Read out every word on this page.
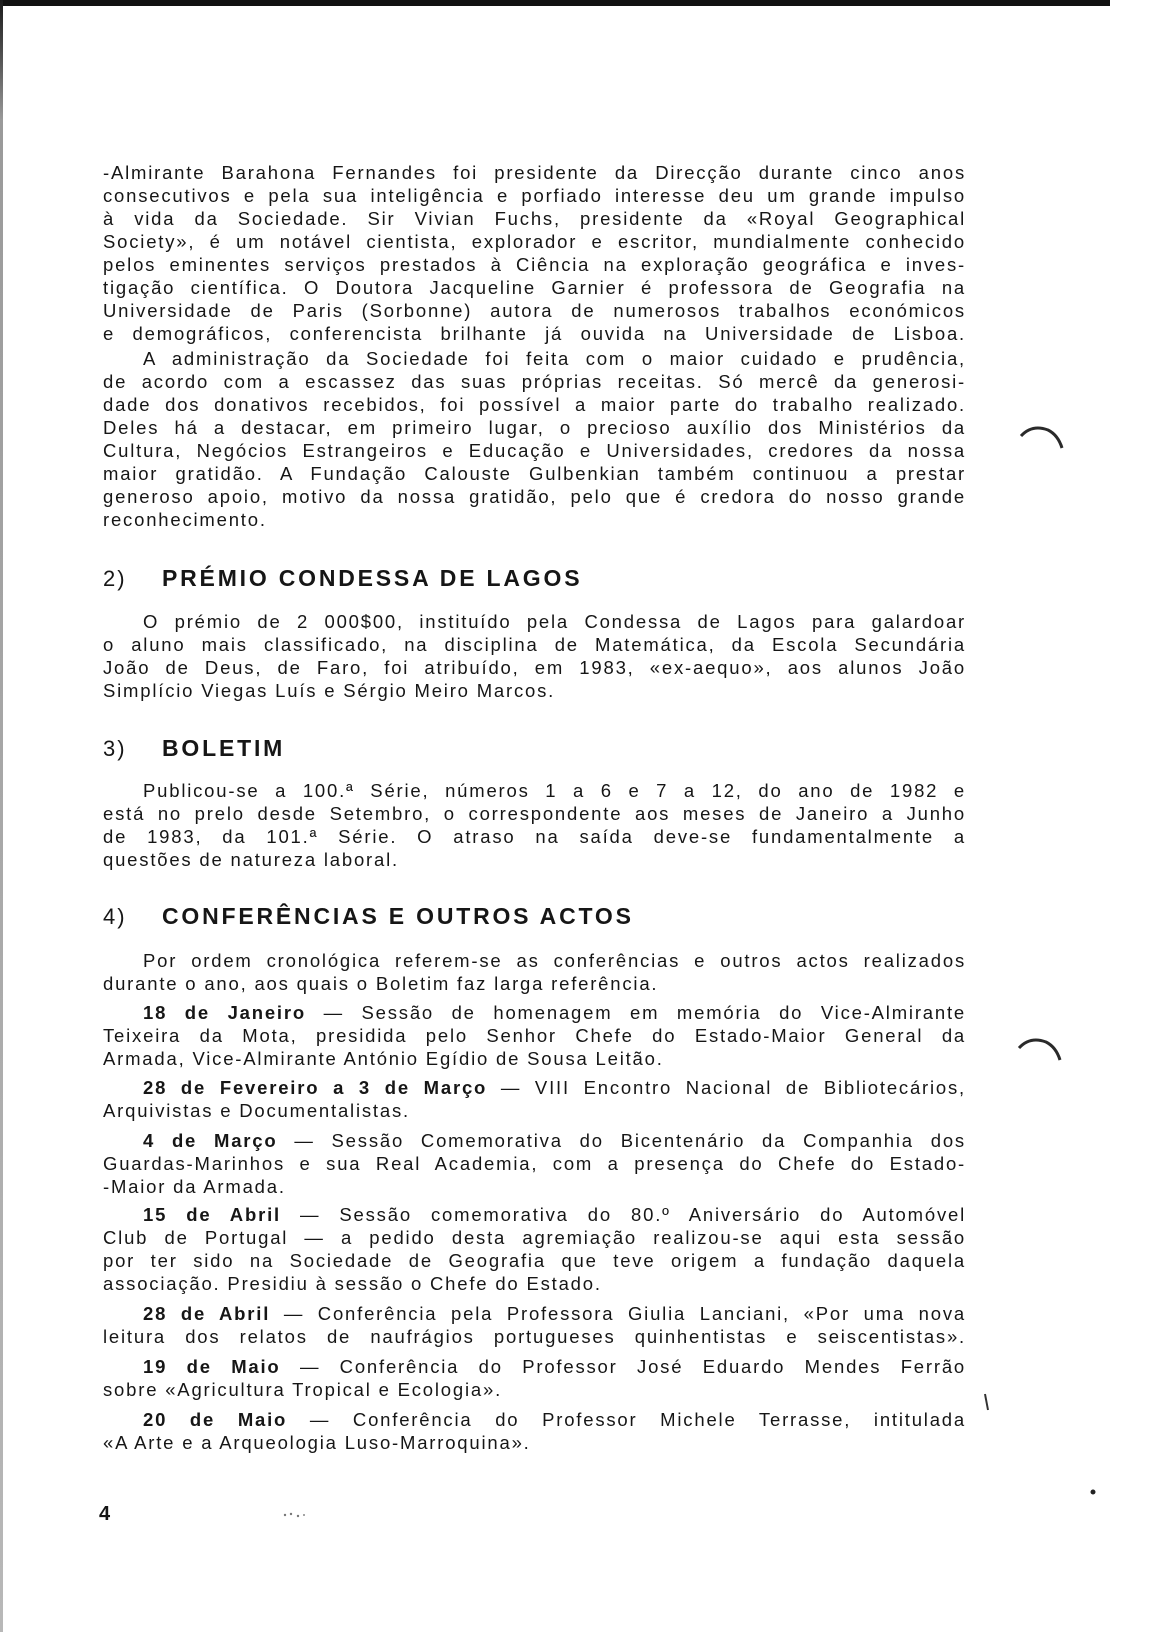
-Almirante Barahona Fernandes foi presidente da Direcção durante cinco anos
consecutivos e pela sua inteligência e porfiado interesse deu um grande impulso
à vida da Sociedade. Sir Vivian Fuchs, presidente da «Royal Geographical
Society», é um notável cientista, explorador e escritor, mundialmente conhecido
pelos eminentes serviços prestados à Ciência na exploração geográfica e inves-
tigação científica. O Doutora Jacqueline Garnier é professora de Geografia na
Universidade de Paris (Sorbonne) autora de numerosos trabalhos económicos
e demográficos, conferencista brilhante já ouvida na Universidade de Lisboa.
A administração da Sociedade foi feita com o maior cuidado e prudência,
de acordo com a escassez das suas próprias receitas. Só mercê da generosi-
dade dos donativos recebidos, foi possível a maior parte do trabalho realizado.
Deles há a destacar, em primeiro lugar, o precioso auxílio dos Ministérios da
Cultura, Negócios Estrangeiros e Educação e Universidades, credores da nossa
maior gratidão. A Fundação Calouste Gulbenkian também continuou a prestar
generoso apoio, motivo da nossa gratidão, pelo que é credora do nosso grande
reconhecimento.
2) PRÉMIO CONDESSA DE LAGOS
O prémio de 2 000$00, instituído pela Condessa de Lagos para galardoar
o aluno mais classificado, na disciplina de Matemática, da Escola Secundária
João de Deus, de Faro, foi atribuído, em 1983, «ex-aequo», aos alunos João
Simplício Viegas Luís e Sérgio Meiro Marcos.
3) BOLETIM
Publicou-se a 100.ª Série, números 1 a 6 e 7 a 12, do ano de 1982 e
está no prelo desde Setembro, o correspondente aos meses de Janeiro a Junho
de 1983, da 101.ª Série. O atraso na saída deve-se fundamentalmente a
questões de natureza laboral.
4) CONFERÊNCIAS E OUTROS ACTOS
Por ordem cronológica referem-se as conferências e outros actos realizados
durante o ano, aos quais o Boletim faz larga referência.
18 de Janeiro — Sessão de homenagem em memória do Vice-Almirante
Teixeira da Mota, presidida pelo Senhor Chefe do Estado-Maior General da
Armada, Vice-Almirante António Egídio de Sousa Leitão.
28 de Fevereiro a 3 de Março — VIII Encontro Nacional de Bibliotecários,
Arquivistas e Documentalistas.
4 de Março — Sessão Comemorativa do Bicentenário da Companhia dos
Guardas-Marinhos e sua Real Academia, com a presença do Chefe do Estado-
-Maior da Armada.
15 de Abril — Sessão comemorativa do 80.º Aniversário do Automóvel
Club de Portugal — a pedido desta agremiação realizou-se aqui esta sessão
por ter sido na Sociedade de Geografia que teve origem a fundação daquela
associação. Presidiu à sessão o Chefe do Estado.
28 de Abril — Conferência pela Professora Giulia Lanciani, «Por uma nova
leitura dos relatos de naufrágios portugueses quinhentistas e seiscentistas».
19 de Maio — Conferência do Professor José Eduardo Mendes Ferrão
sobre «Agricultura Tropical e Ecologia».
20 de Maio — Conferência do Professor Michele Terrasse, intitulada
«A Arte e a Arqueologia Luso-Marroquina».
4
